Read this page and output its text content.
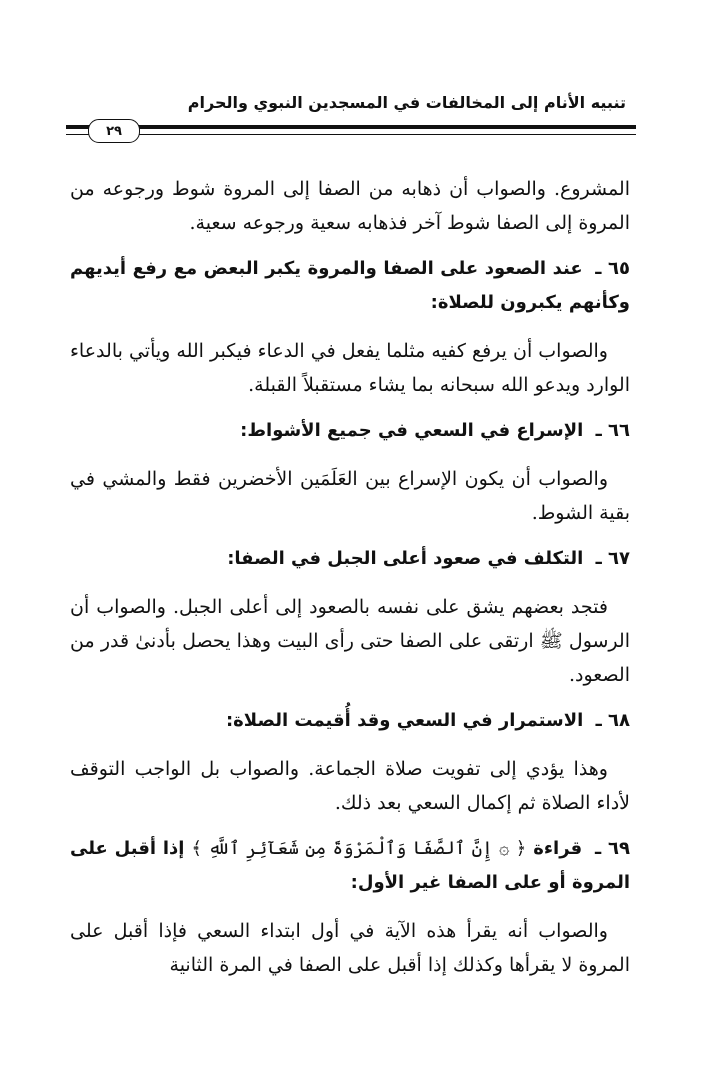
تنبيه الأنام إلى المخالفات في المسجدين النبوي والحرام
٢٩

المشروع. والصواب أن ذهابه من الصفا إلى المروة شوط ورجوعه من المروة إلى الصفا شوط آخر فذهابه سعية ورجوعه سعية.

٦٥ ـ عند الصعود على الصفا والمروة يكبر البعض مع رفع أيديهم وكأنهم يكبرون للصلاة:

والصواب أن يرفع كفيه مثلما يفعل في الدعاء فيكبر الله ويأتي بالدعاء الوارد ويدعو الله سبحانه بما يشاء مستقبلاً القبلة.

٦٦ ـ الإسراع في السعي في جميع الأشواط:

والصواب أن يكون الإسراع بين العَلَمَين الأخضرين فقط والمشي في بقية الشوط.

٦٧ ـ التكلف في صعود أعلى الجبل في الصفا:

فتجد بعضهم يشق على نفسه بالصعود إلى أعلى الجبل. والصواب أن الرسول ﷺ ارتقى على الصفا حتى رأى البيت وهذا يحصل بأدنىٰ قدر من الصعود.

٦٨ ـ الاستمرار في السعي وقد أُقيمت الصلاة:

وهذا يؤدي إلى تفويت صلاة الجماعة. والصواب بل الواجب التوقف لأداء الصلاة ثم إكمال السعي بعد ذلك.

٦٩ ـ قراءة ﴿ ۞ إِنَّ ٱلصَّفَا وَٱلْمَرْوَةَ مِن شَعَآئِرِ ٱللَّهِ ﴾ إذا أقبل على المروة أو على الصفا غير الأول:

والصواب أنه يقرأ هذه الآية في أول ابتداء السعي فإذا أقبل على المروة لا يقرأها وكذلك إذا أقبل على الصفا في المرة الثانية
